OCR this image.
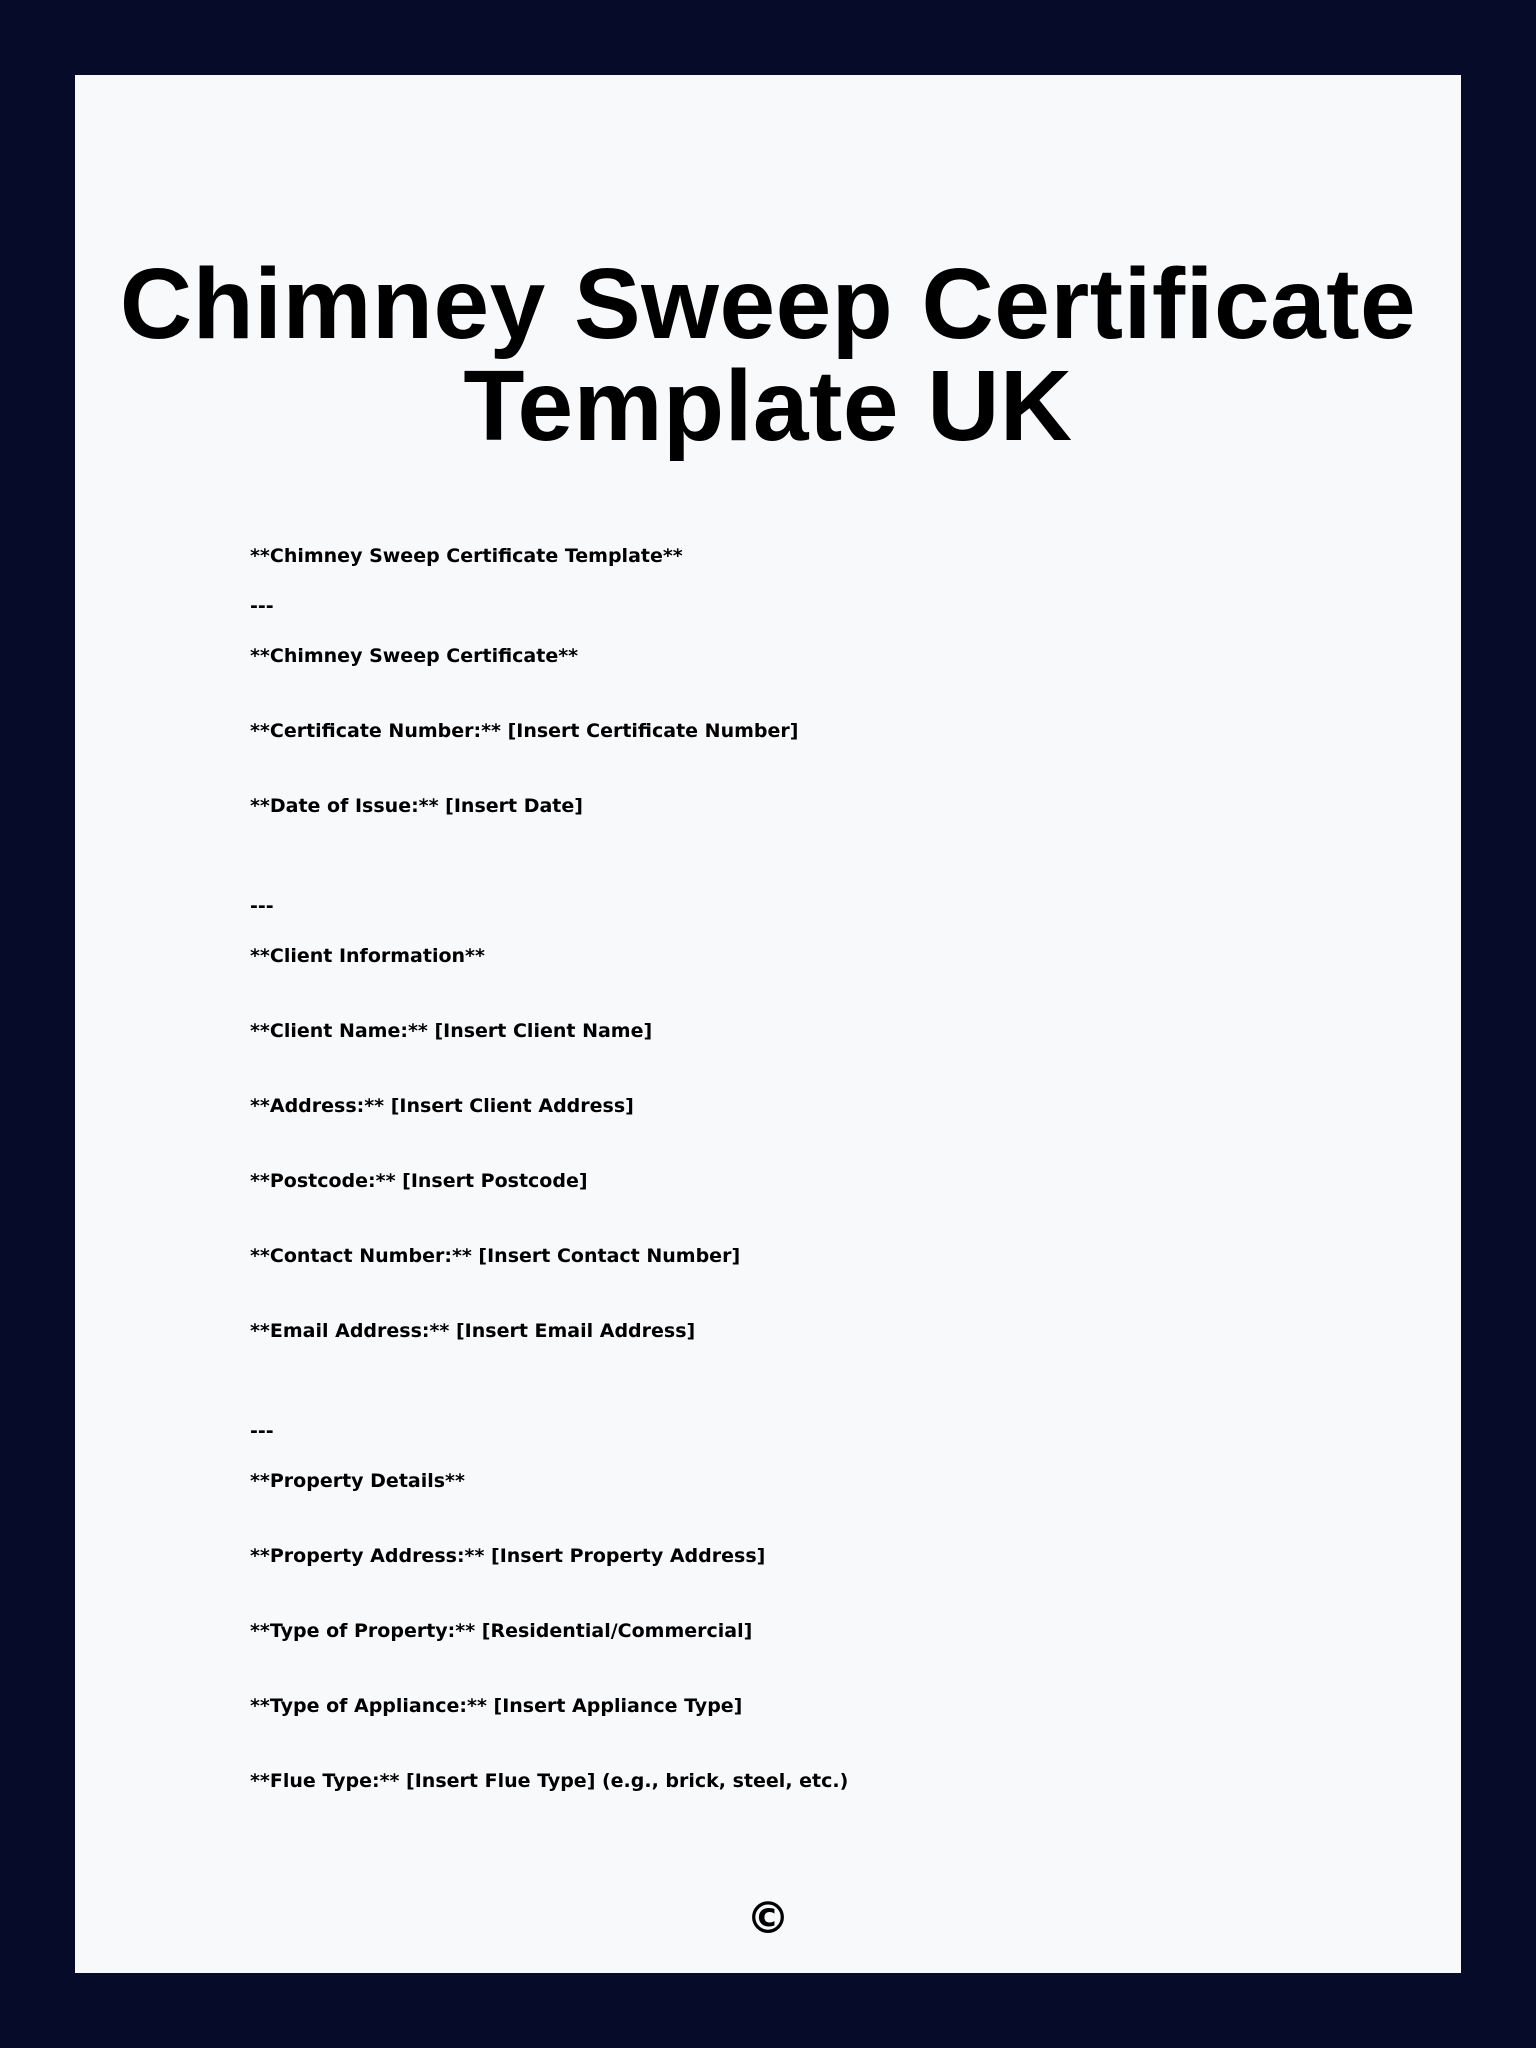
Chimney Sweep Certificate
Template UK
**Chimney Sweep Certificate Template**
---
**Chimney Sweep Certificate**
**Certificate Number:** [Insert Certificate Number]
**Date of Issue:** [Insert Date]
---
**Client Information**
**Client Name:** [Insert Client Name]
**Address:** [Insert Client Address]
**Postcode:** [Insert Postcode]
**Contact Number:** [Insert Contact Number]
**Email Address:** [Insert Email Address]
---
**Property Details**
**Property Address:** [Insert Property Address]
**Type of Property:** [Residential/Commercial]
**Type of Appliance:** [Insert Appliance Type]
**Flue Type:** [Insert Flue Type] (e.g., brick, steel, etc.)
©
